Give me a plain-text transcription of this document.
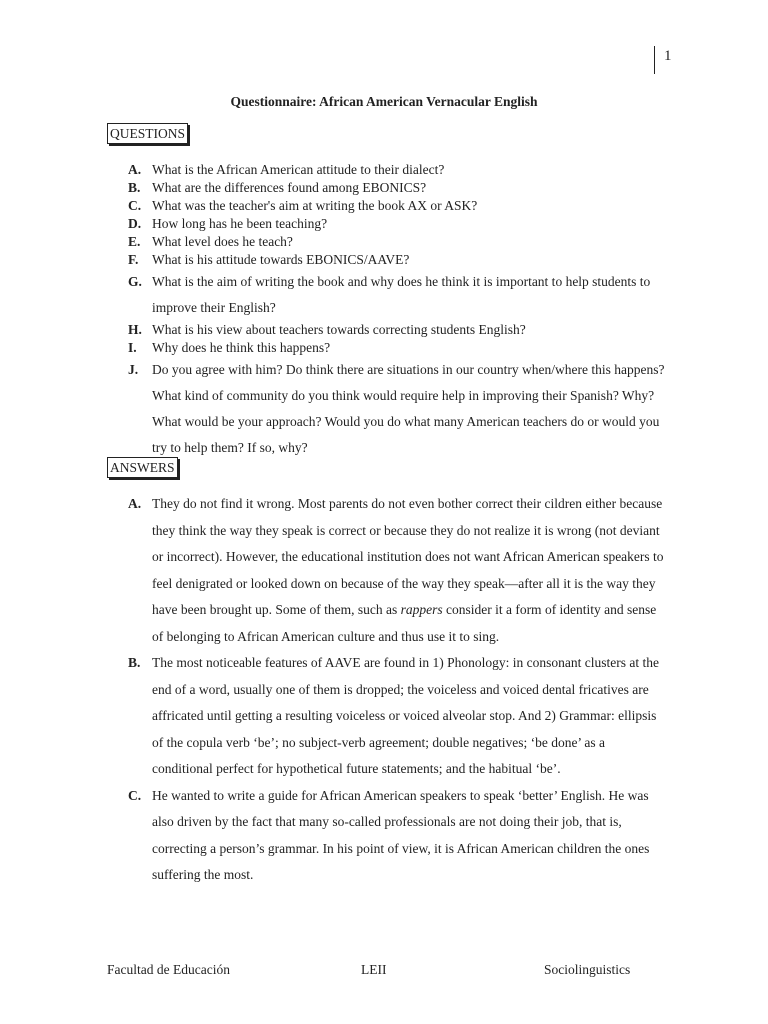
1
Questionnaire: African American Vernacular English
QUESTIONS
A. What is the African American attitude to their dialect?
B. What are the differences found among EBONICS?
C. What was the teacher's aim at writing the book AX or ASK?
D. How long has he been teaching?
E. What level does he teach?
F. What is his attitude towards EBONICS/AAVE?
G. What is the aim of writing the book and why does he think it is important to help students to improve their English?
H. What is his view about teachers towards correcting students English?
I. Why does he think this happens?
J. Do you agree with him? Do think there are situations in our country when/where this happens? What kind of community do you think would require help in improving their Spanish? Why? What would be your approach? Would you do what many American teachers do or would you try to help them? If so, why?
ANSWERS
A. They do not find it wrong. Most parents do not even bother correct their cildren either because they think the way they speak is correct or because they do not realize it is wrong (not deviant or incorrect). However, the educational institution does not want African American speakers to feel denigrated or looked down on because of the way they speak—after all it is the way they have been brought up. Some of them, such as rappers consider it a form of identity and sense of belonging to African American culture and thus use it to sing.
B. The most noticeable features of AAVE are found in 1) Phonology: in consonant clusters at the end of a word, usually one of them is dropped; the voiceless and voiced dental fricatives are affricated until getting a resulting voiceless or voiced alveolar stop. And 2) Grammar: ellipsis of the copula verb ‘be’; no subject-verb agreement; double negatives; ‘be done’ as a conditional perfect for hypothetical future statements; and the habitual ‘be’.
C. He wanted to write a guide for African American speakers to speak ‘better’ English. He was also driven by the fact that many so-called professionals are not doing their job, that is, correcting a person’s grammar. In his point of view, it is African American children the ones suffering the most.
Facultad de Educación	LEII	Sociolinguistics
